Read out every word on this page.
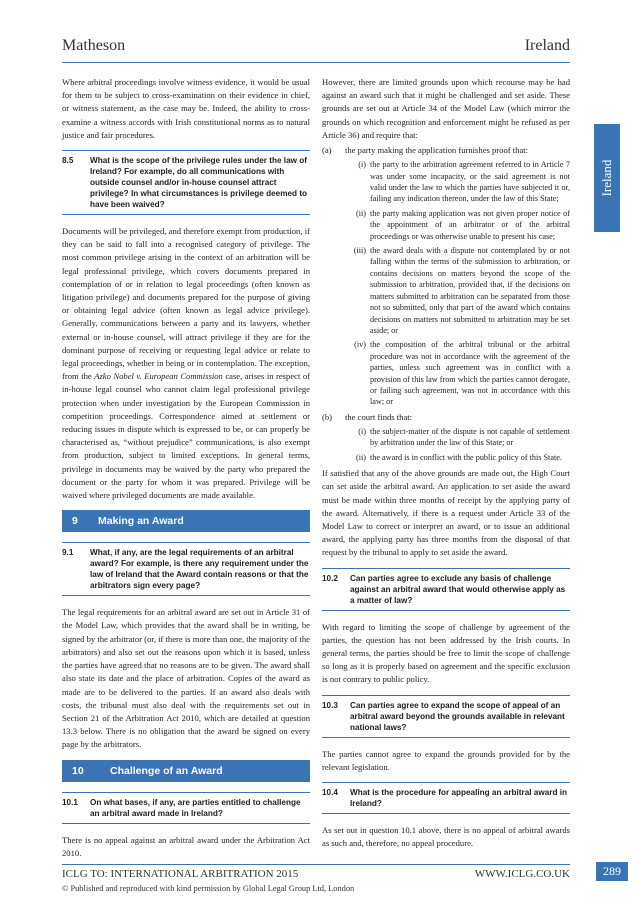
Matheson	Ireland
Ireland

Where arbitral proceedings involve witness evidence, it would be usual for them to be subject to cross-examination on their evidence in chief, or witness statement, as the case may be. Indeed, the ability to cross-examine a witness accords with Irish constitutional norms as to natural justice and fair procedures.

8.5	What is the scope of the privilege rules under the law of Ireland? For example, do all communications with outside counsel and/or in-house counsel attract privilege? In what circumstances is privilege deemed to have been waived?

Documents will be privileged, and therefore exempt from production, if they can be said to fall into a recognised category of privilege. The most common privilege arising in the context of an arbitration will be legal professional privilege, which covers documents prepared in contemplation of or in relation to legal proceedings (often known as litigation privilege) and documents prepared for the purpose of giving or obtaining legal advice (often known as legal advice privilege). Generally, communications between a party and its lawyers, whether external or in-house counsel, will attract privilege if they are for the dominant purpose of receiving or requesting legal advice or relate to legal proceedings, whether in being or in contemplation. The exception, from the Azko Nobel v. European Commission case, arises in respect of in-house legal counsel who cannot claim legal professional privilege protection when under investigation by the European Commission in competition proceedings. Correspondence aimed at settlement or reducing issues in dispute which is expressed to be, or can properly be characterised as, “without prejudice” communications, is also exempt from production, subject to limited exceptions. In general terms, privilege in documents may be waived by the party who prepared the document or the party for whom it was prepared. Privilege will be waived where privileged documents are made available.

9	Making an Award
9.1	What, if any, are the legal requirements of an arbitral award? For example, is there any requirement under the law of Ireland that the Award contain reasons or that the arbitrators sign every page?

The legal requirements for an arbitral award are set out in Article 31 of the Model Law, which provides that the award shall be in writing, be signed by the arbitrator (or, if there is more than one, the majority of the arbitrators) and also set out the reasons upon which it is based, unless the parties have agreed that no reasons are to be given. The award shall also state its date and the place of arbitration. Copies of the award as made are to be delivered to the parties. If an award also deals with costs, the tribunal must also deal with the requirements set out in Section 21 of the Arbitration Act 2010, which are detailed at question 13.3 below. There is no obligation that the award be signed on every page by the arbitrators.

10	Challenge of an Award
10.1	On what bases, if any, are parties entitled to challenge an arbitral award made in Ireland?

There is no appeal against an arbitral award under the Arbitration Act 2010.

However, there are limited grounds upon which recourse may be had against an award such that it might be challenged and set aside. These grounds are set out at Article 34 of the Model Law (which mirror the grounds on which recognition and enforcement might be refused as per Article 36) and require that:

(a)	the party making the application furnishes proof that:
(i) the party to the arbitration agreement referred to in Article 7 was under some incapacity, or the said agreement is not valid under the law to which the parties have subjected it or, failing any indication thereon, under the law of this State;
(ii) the party making application was not given proper notice of the appointment of an arbitrator or of the arbitral proceedings or was otherwise unable to present his case;
(iii) the award deals with a dispute not contemplated by or not falling within the terms of the submission to arbitration, or contains decisions on matters beyond the scope of the submission to arbitration, provided that, if the decisions on matters submitted to arbitration can be separated from those not so submitted, only that part of the award which contains decisions on matters not submitted to arbitration may be set aside; or
(iv) the composition of the arbitral tribunal or the arbitral procedure was not in accordance with the agreement of the parties, unless such agreement was in conflict with a provision of this law from which the parties cannot derogate, or failing such agreement, was not in accordance with this law; or
(b)	the court finds that:
(i) the subject-matter of the dispute is not capable of settlement by arbitration under the law of this State; or
(ii) the award is in conflict with the public policy of this State.

If satisfied that any of the above grounds are made out, the High Court can set aside the arbitral award. An application to set aside the award must be made within three months of receipt by the applying party of the award. Alternatively, if there is a request under Article 33 of the Model Law to correct or interpret an award, or to issue an additional award, the applying party has three months from the disposal of that request by the tribunal to apply to set aside the award.

10.2	Can parties agree to exclude any basis of challenge against an arbitral award that would otherwise apply as a matter of law?

With regard to limiting the scope of challenge by agreement of the parties, the question has not been addressed by the Irish courts. In general terms, the parties should be free to limit the scope of challenge so long as it is properly based on agreement and the specific exclusion is not contrary to public policy.

10.3	Can parties agree to expand the scope of appeal of an arbitral award beyond the grounds available in relevant national laws?

The parties cannot agree to expand the grounds provided for by the relevant legislation.

10.4	What is the procedure for appealing an arbitral award in Ireland?

As set out in question 10.1 above, there is no appeal of arbitral awards as such and, therefore, no appeal procedure.

ICLG TO: INTERNATIONAL ARBITRATION 2015	WWW.ICLG.CO.UK	289
© Published and reproduced with kind permission by Global Legal Group Ltd, London
